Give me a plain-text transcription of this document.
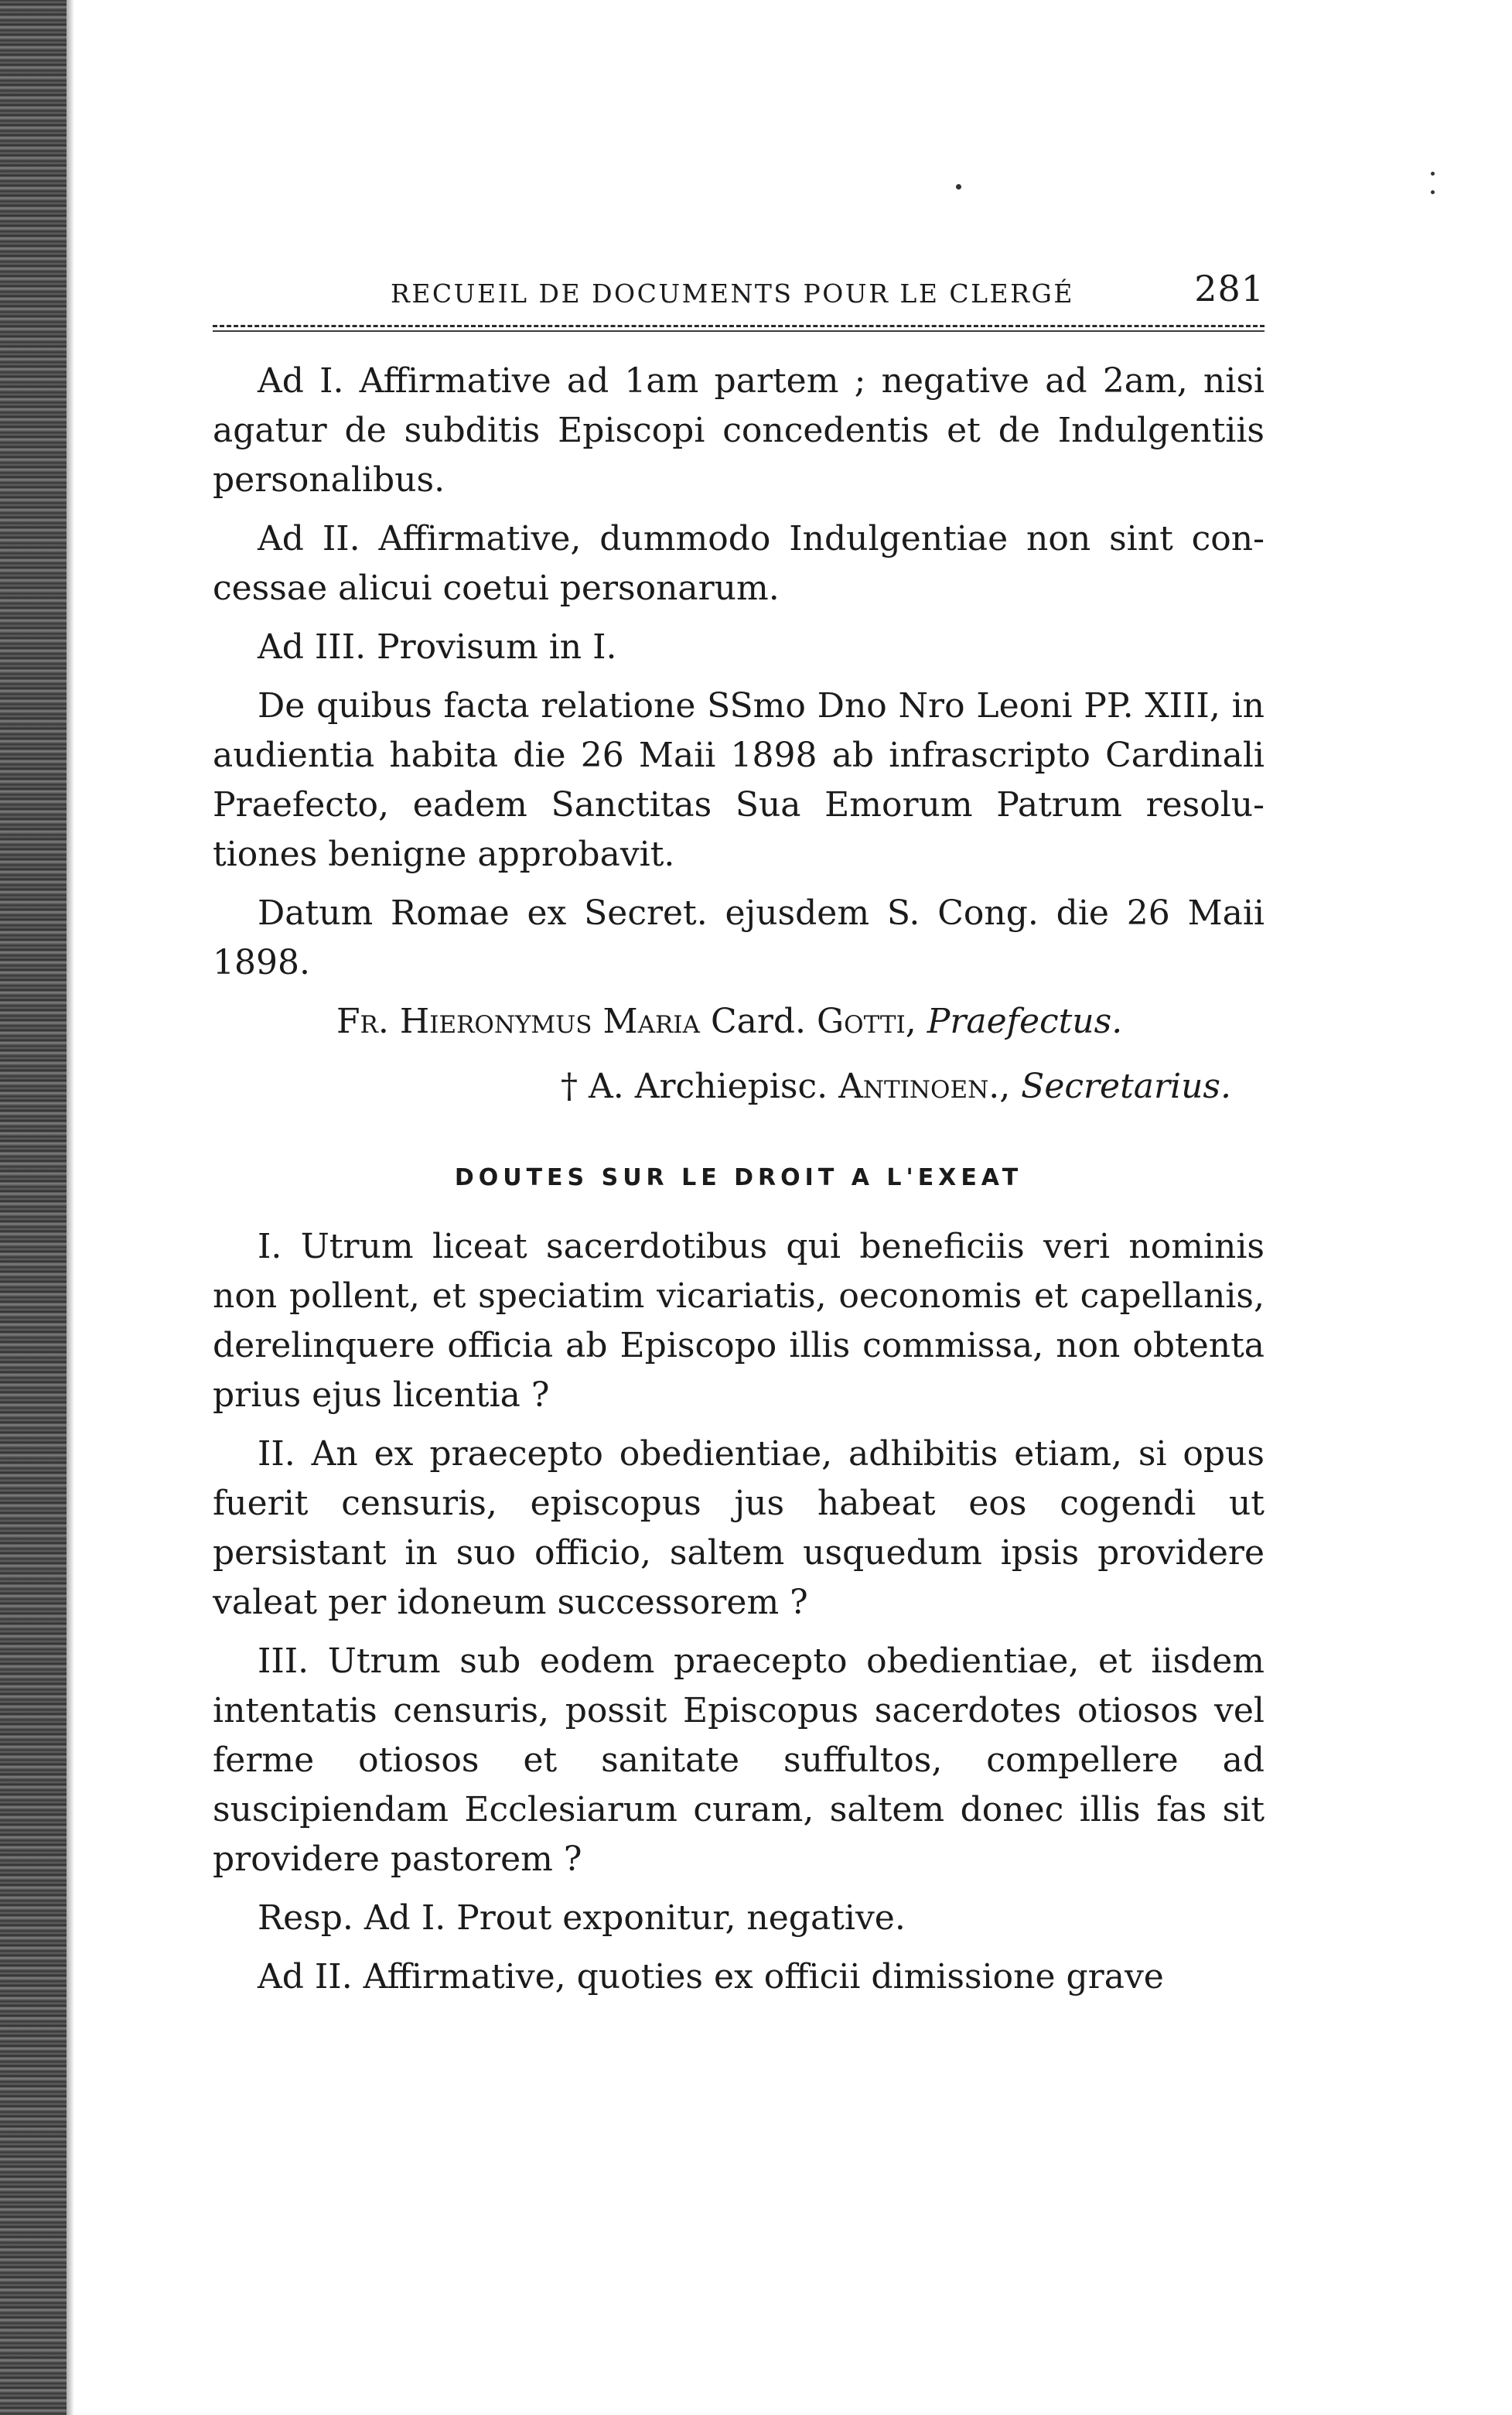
RECUEIL DE DOCUMENTS POUR LE CLERGÉ	281

Ad I. Affirmative ad 1am partem ; negative ad 2am, nisi agatur de subditis Episcopi concedentis et de Indulgentiis personalibus.

Ad II. Affirmative, dummodo Indulgentiae non sint concessae alicui coetui personarum.

Ad III. Provisum in I.

De quibus facta relatione SSmo Dno Nro Leoni PP. XIII, in audientia habita die 26 Maii 1898 ab infrascripto Cardinali Praefecto, eadem Sanctitas Sua Emorum Patrum resolutiones benigne approbavit.

Datum Romae ex Secret. ejusdem S. Cong. die 26 Maii 1898.

Fr. Hieronymus Maria Card. Gotti, Praefectus.
† A. Archiepisc. Antinoen., Secretarius.
DOUTES SUR LE DROIT A L'EXEAT

I. Utrum liceat sacerdotibus qui beneficiis veri nominis non pollent, et speciatim vicariatis, oeconomis et capellanis, derelinquere officia ab Episcopo illis commissa, non obtenta prius ejus licentia ?

II. An ex praecepto obedientiae, adhibitis etiam, si opus fuerit censuris, episcopus jus habeat eos cogendi ut persistant in suo officio, saltem usquedum ipsis providere valeat per idoneum successorem ?

III. Utrum sub eodem praecepto obedientiae, et iisdem intentatis censuris, possit Episcopus sacerdotes otiosos vel ferme otiosos et sanitate suffultos, compellere ad suscipiendam Ecclesiarum curam, saltem donec illis fas sit providere pastorem ?

Resp. Ad I. Prout exponitur, negative.

Ad II. Affirmative, quoties ex officii dimissione grave
